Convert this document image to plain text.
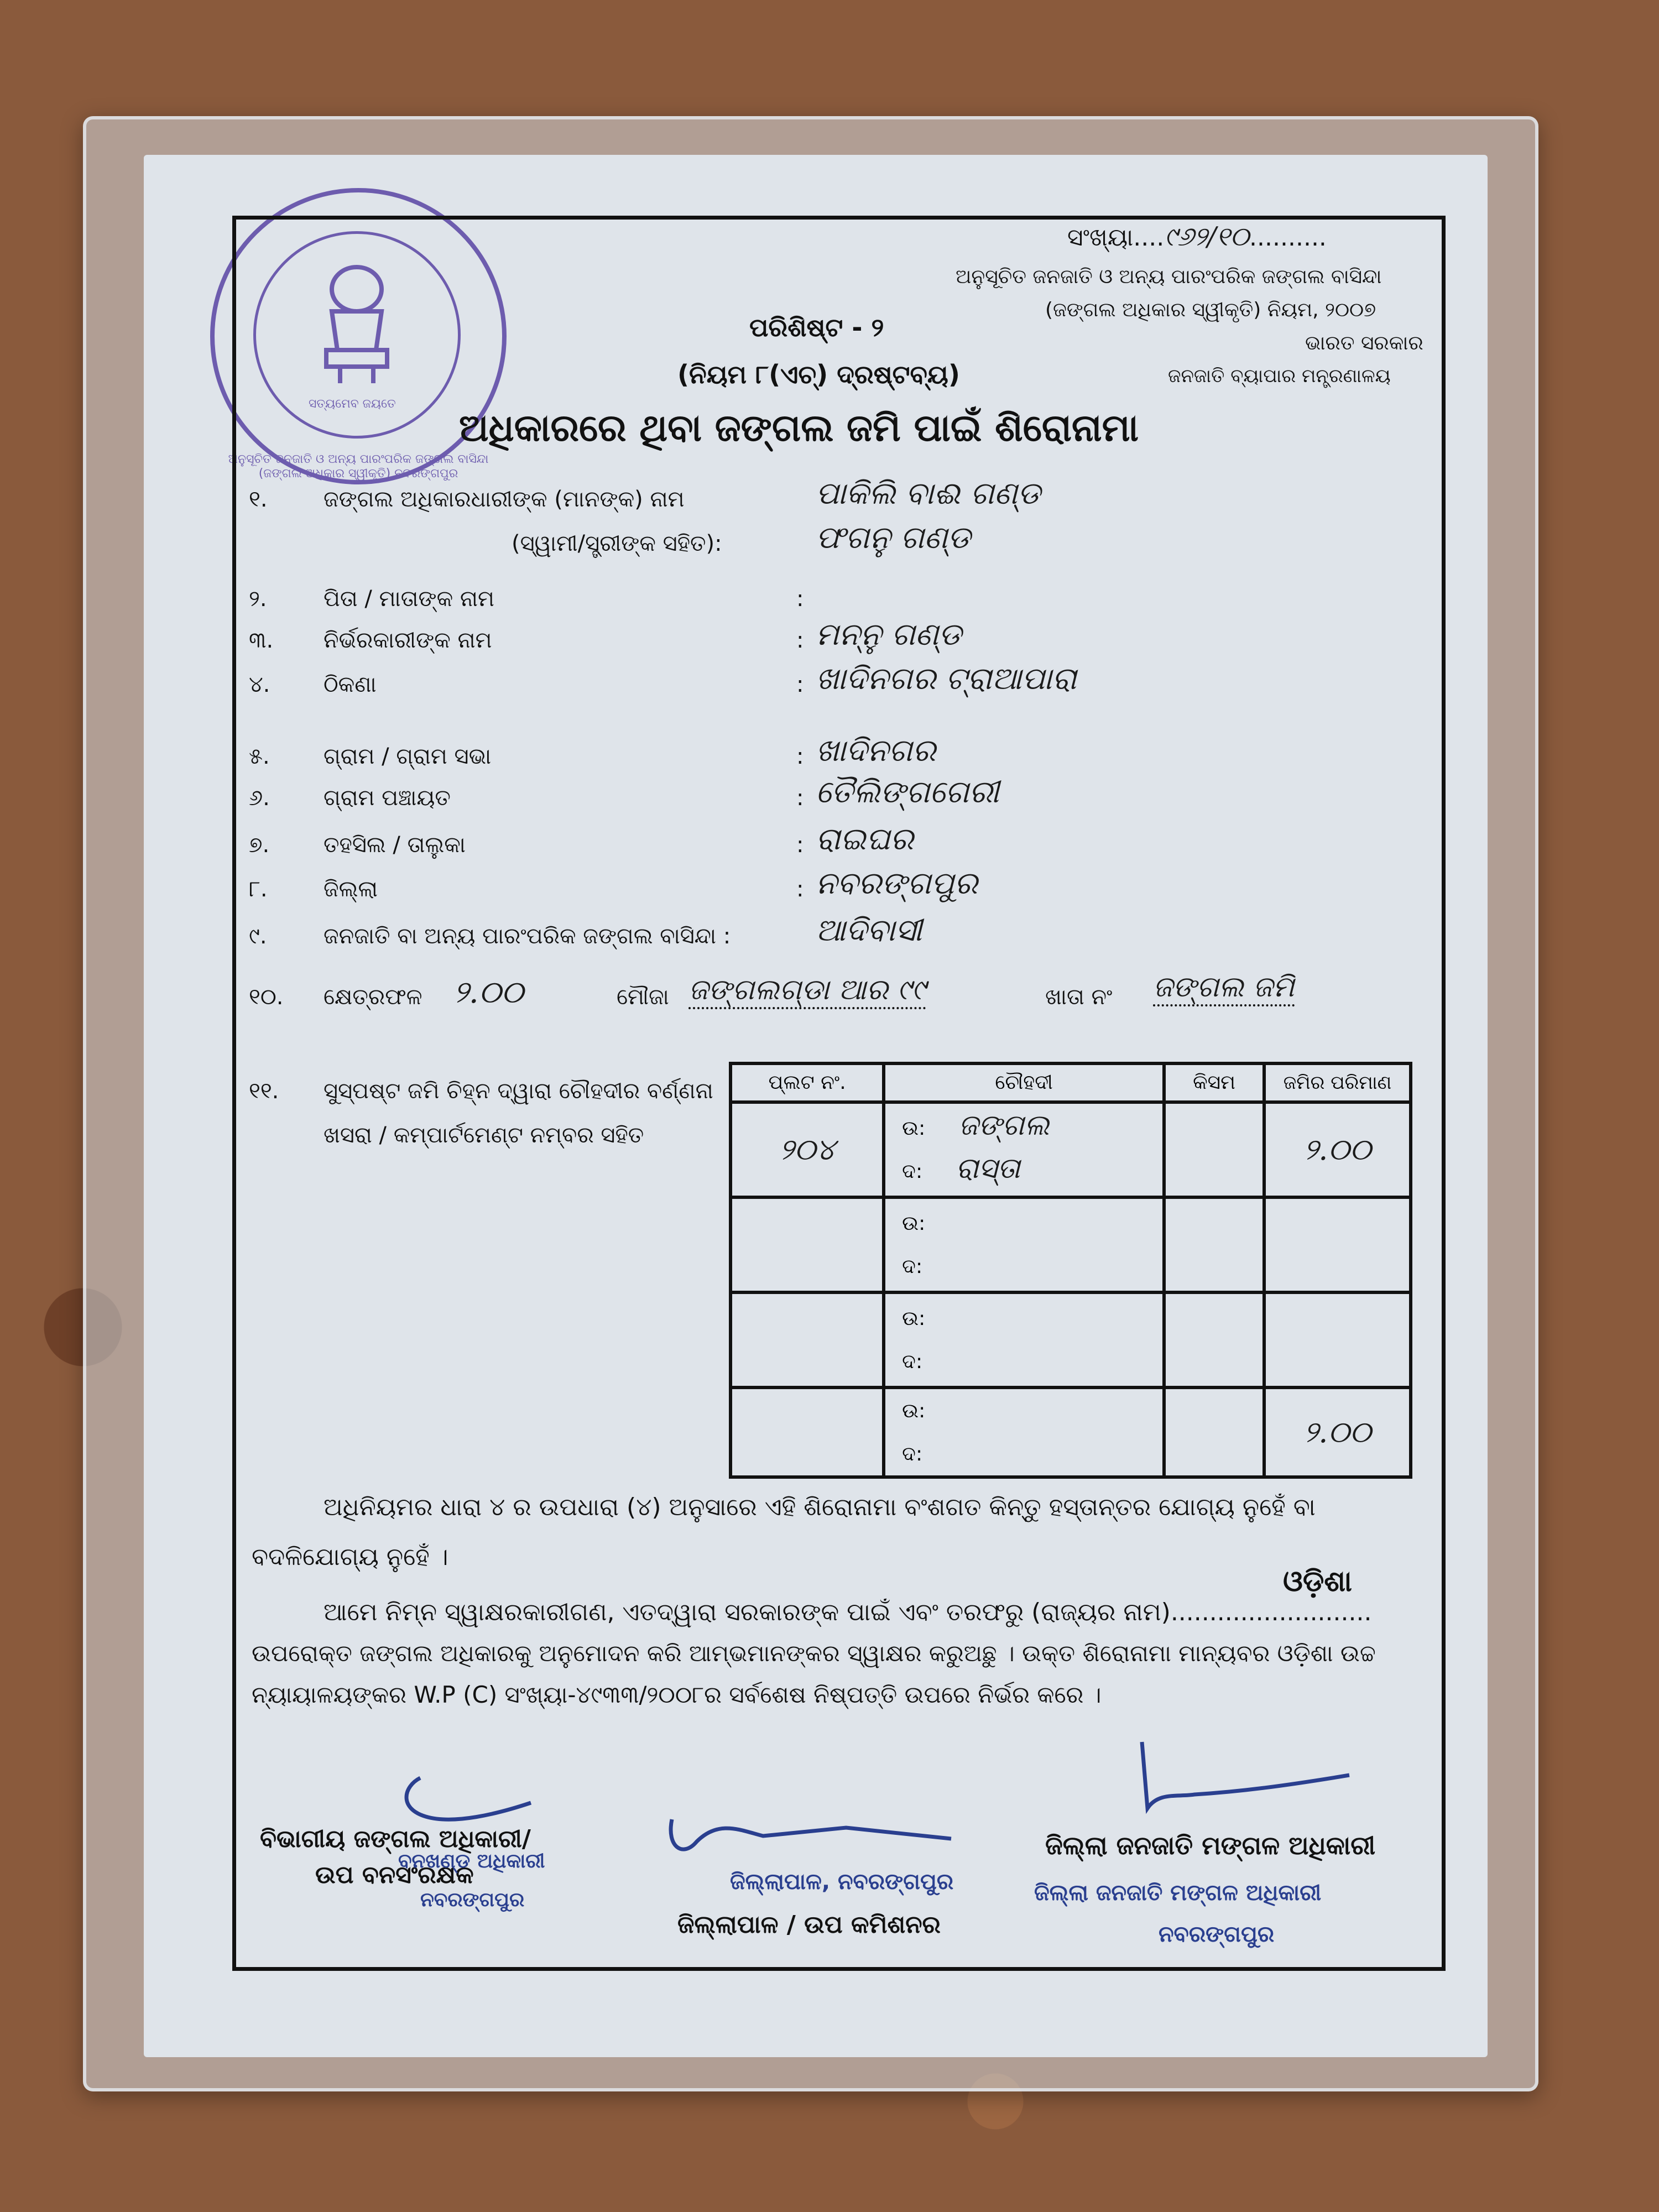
ସତ୍ୟମେବ ଜୟତେ
ଅନୁସୂଚିତ ଜନଜାତି ଓ ଅନ୍ୟ ପାରଂପରିକ ଜଙ୍ଗଲ ବାସିନ୍ଦା (ଜଙ୍ଗଲ ଅଧିକାର ସ୍ୱୀକୃତି) ନବରଙ୍ଗପୁର
ସଂଖ୍ୟା....୯୬୨/୧୦..........
ଅନୁସୂଚିତ ଜନଜାତି ଓ ଅନ୍ୟ ପାରଂପରିକ ଜଙ୍ଗଲ ବାସିନ୍ଦା
(ଜଙ୍ଗଲ ଅଧିକାର ସ୍ୱୀକୃତି) ନିୟମ, ୨୦୦୭
ଭାରତ ସରକାର
ଜନଜାତି ବ୍ୟାପାର ମନ୍ତ୍ରଣାଳୟ
ପରିଶିଷ୍ଟ - ୨
(ନିୟମ ୮(ଏଚ୍) ଦ୍ରଷ୍ଟବ୍ୟ)
ଅଧିକାରରେ ଥିବା ଜଙ୍ଗଲ ଜମି ପାଇଁ ଶିରୋନାମା
୧.	ଜଙ୍ଗଲ ଅଧିକାରଧାରୀଙ୍କ (ମାନଙ୍କ) ନାମ	ପାକିଲି ବାଈ ଗଣ୍ଡ
(ସ୍ୱାମୀ/ସ୍ତ୍ରୀଙ୍କ ସହିତ):	ଫଗନୁ ଗଣ୍ଡ
୨.	ପିତା / ମାତାଙ୍କ ନାମ	:
୩. ନିର୍ଭରକାରୀଙ୍କ ନାମ	: ମନ୍ନୁ ଗଣ୍ଡ
୪. ଠିକଣା	: ଖାଦିନଗର ଟ୍ରାଆପାରା
୫. ଗ୍ରାମ / ଗ୍ରାମ ସଭା	: ଖାଦିନଗର
୬. ଗ୍ରାମ ପଞ୍ଚାୟତ	: ତୈଲିଙ୍ଗଗେରୀ
୭. ତହସିଲ / ତାଲୁକା	: ରାଇଘର
୮.	ଜିଲ୍ଲା	: ନବରଙ୍ଗପୁର
୯.	ଜନଜାତି ବା ଅନ୍ୟ ପାରଂପରିକ ଜଙ୍ଗଲ ବାସିନ୍ଦା :	ଆଦିବାସୀ
୧୦. କ୍ଷେତ୍ରଫଳ ୨.୦୦	ମୌଜା ଜଙ୍ଗଲଗ୍ଡା ଆର ୯୯	ଖାତା ନଂ ଜଙ୍ଗଲ ଜମି
୧୧. ସୁସ୍ପଷ୍ଟ ଜମି ଚିହ୍ନ ଦ୍ୱାରା ଚୌହଦୀର ବର୍ଣ୍ଣନା
ଖସରା / କମ୍ପାର୍ଟମେଣ୍ଟ ନମ୍ବର ସହିତ
ପ୍ଲଟ ନଂ.	ଚୌହଦୀ	କିସମ	ଜମିର ପରିମାଣ

୨୦୪	ଉ: ଜଙ୍ଗଲ
ଦ: ରାସ୍ତା		୨.୦୦

	ଉ:
ଦ:		

	ଉ:
ଦ:		

	ଉ:
ଦ:		୨.୦୦
ଅଧିନିୟମର ଧାରା ୪ ର ଉପଧାରା (୪) ଅନୁସାରେ ଏହି ଶିରୋନାମା ବଂଶଗତ କିନ୍ତୁ ହସ୍ତାନ୍ତର ଯୋଗ୍ୟ ନୁହେଁ ବା
ବଦଳିଯୋଗ୍ୟ ନୁହେଁ ।
ଓଡ଼ିଶା
ଆମେ ନିମ୍ନ ସ୍ୱାକ୍ଷରକାରୀଗଣ, ଏତଦ୍ୱାରା ସରକାରଙ୍କ ପାଇଁ ଏବଂ ତରଫରୁ (ରାଜ୍ୟର ନାମ)..........................
ଉପରୋକ୍ତ ଜଙ୍ଗଲ ଅଧିକାରକୁ ଅନୁମୋଦନ କରି ଆମ୍ଭମାନଙ୍କର ସ୍ୱାକ୍ଷର କରୁଅଛୁ । ଉକ୍ତ ଶିରୋନାମା ମାନ୍ୟବର ଓଡ଼ିଶା ଉଚ୍ଚ
ନ୍ୟାୟାଳୟଙ୍କର W.P (C) ସଂଖ୍ୟା-୪୯୩୩/୨୦୦୮ର ସର୍ବଶେଷ ନିଷ୍ପତ୍ତି ଉପରେ ନିର୍ଭର କରେ ।
ବିଭାଗୀୟ ଜଙ୍ଗଲ ଅଧିକାରୀ/
ଉପ ବନସଂରକ୍ଷକ
ବନଖଣ୍ଡ ଅଧିକାରୀ
ନବରଙ୍ଗପୁର
ଜିଲ୍ଲାପାଳ, ନବରଙ୍ଗପୁର
ଜିଲ୍ଲାପାଳ / ଉପ କମିଶନର
ଜିଲ୍ଲା ଜନଜାତି ମଙ୍ଗଳ ଅଧିକାରୀ
ଜିଲ୍ଲା ଜନଜାତି ମଙ୍ଗଳ ଅଧିକାରୀ
ନବରଙ୍ଗପୁର
